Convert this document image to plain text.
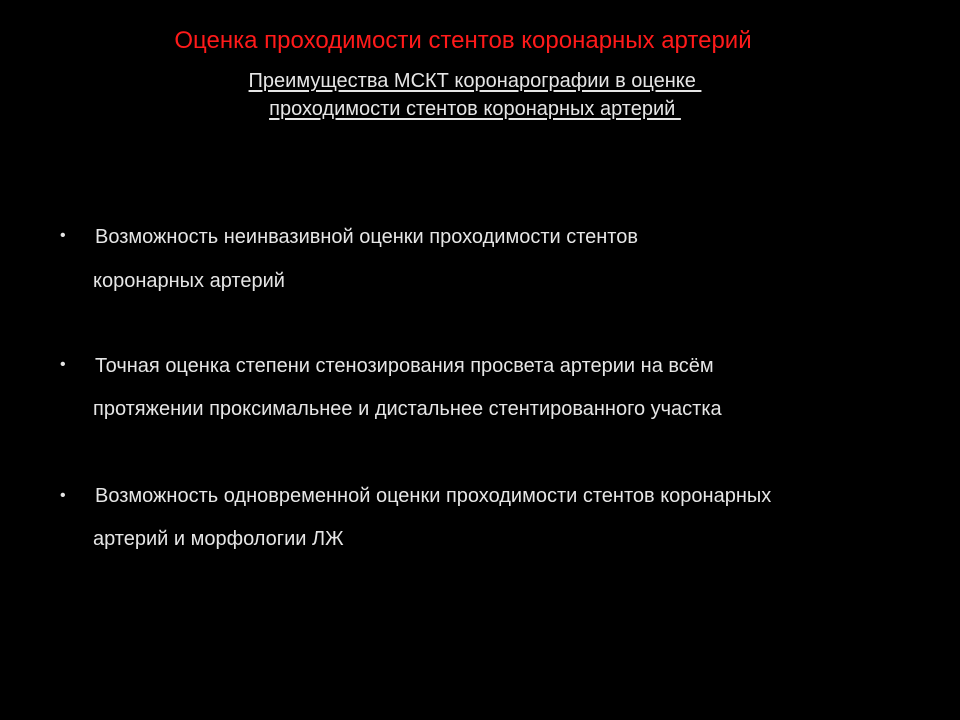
Оценка проходимости стентов коронарных артерий
Преимущества МСКТ коронарографии в оценке
проходимости стентов коронарных артерий
• Возможность неинвазивной оценки проходимости стентов
коронарных артерий
• Точная оценка степени стенозирования просвета артерии на всём
протяжении проксимальнее и дистальнее стентированного участка
• Возможность одновременной оценки проходимости стентов коронарных
артерий и морфологии ЛЖ
